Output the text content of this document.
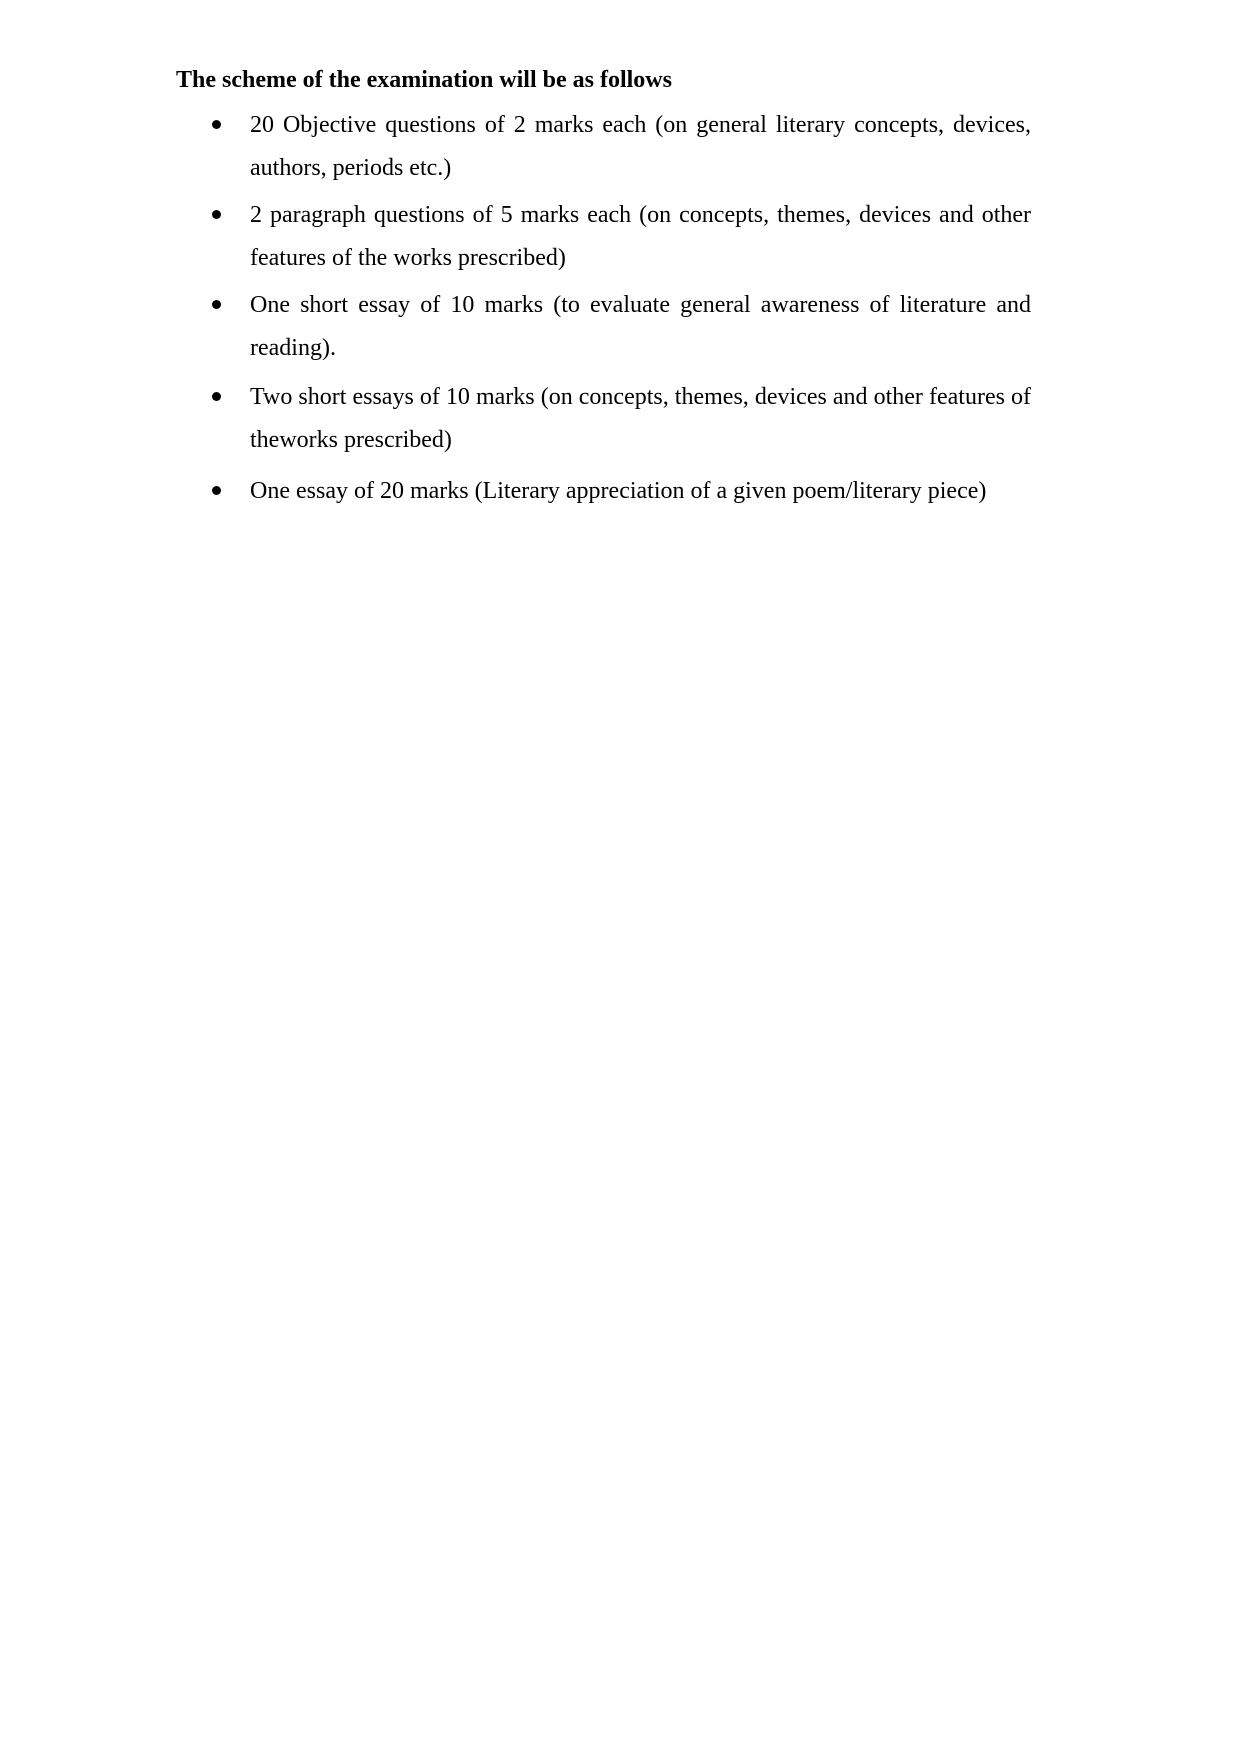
The scheme of the examination will be as follows
20 Objective questions of 2 marks each (on general literary concepts, devices, authors, periods etc.)
2 paragraph questions of 5 marks each (on concepts, themes, devices and other features of the works prescribed)
One short essay of 10 marks (to evaluate general awareness of literature and reading).
Two short essays of 10 marks (on concepts, themes, devices and other features of theworks prescribed)
One essay of 20 marks (Literary appreciation of a given poem/literary piece)
